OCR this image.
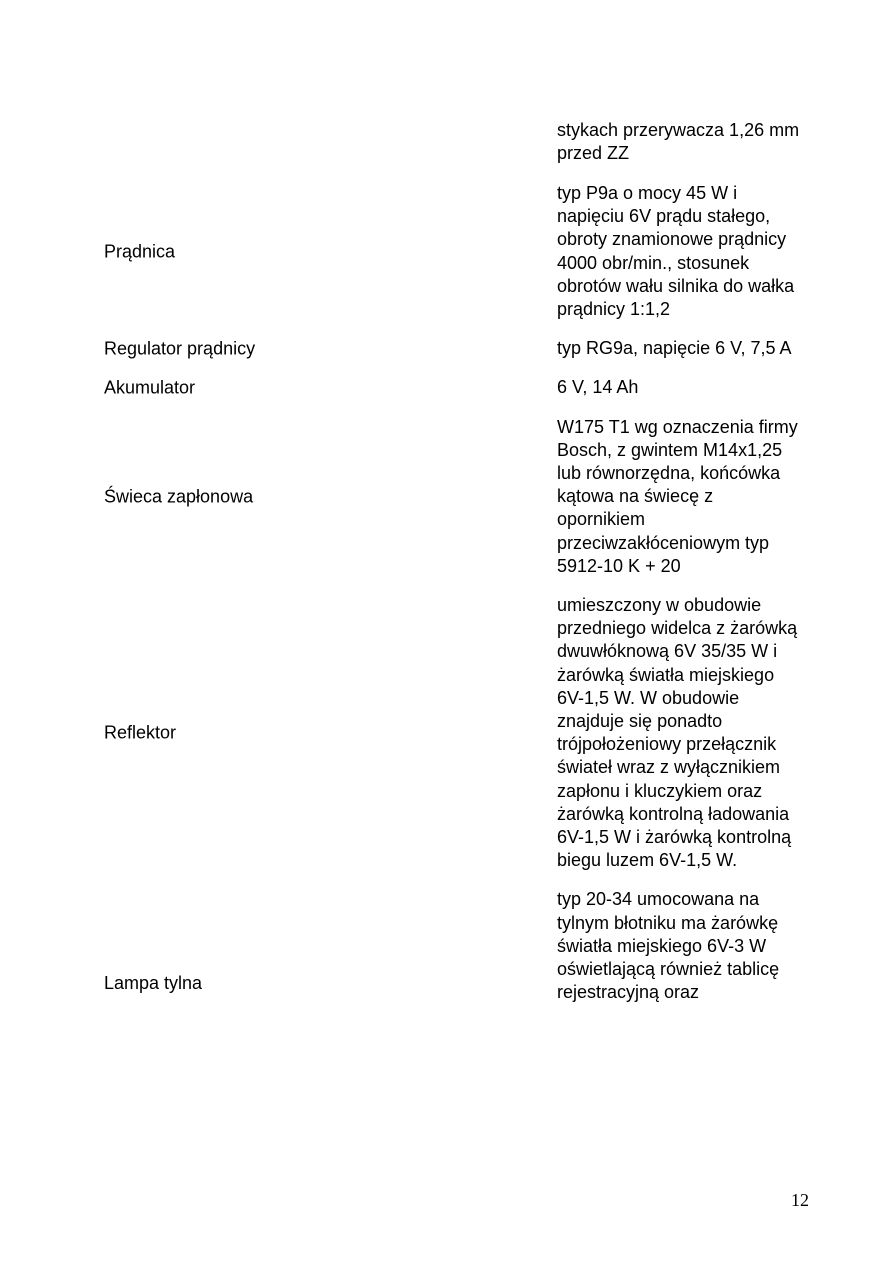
stykach przerywacza 1,26 mm przed ZZ
Prądnica
typ P9a o mocy 45 W i napięciu 6V prądu stałego, obroty znamionowe prądnicy 4000 obr/min., stosunek obrotów wału silnika do wałka prądnicy 1:1,2
Regulator prądnicy	typ RG9a, napięcie 6 V, 7,5 A
Akumulator	6 V, 14 Ah
Świeca zapłonowa
W175 T1 wg oznaczenia firmy Bosch, z gwintem M14x1,25 lub równorzędna, końcówka kątowa na świecę z opornikiem przeciwzakłóceniowym typ 5912-10 K + 20
Reflektor
umieszczony w obudowie przedniego widelca z żarówką dwuwłóknową 6V 35/35 W i żarówką światła miejskiego 6V-1,5 W. W obudowie znajduje się ponadto trójpołożeniowy przełącznik świateł wraz z wyłącznikiem zapłonu i kluczykiem oraz żarówką kontrolną ładowania 6V-1,5 W i żarówką kontrolną biegu luzem 6V-1,5 W.
Lampa tylna
typ 20-34 umocowana na tylnym błotniku ma żarówkę światła miejskiego 6V-3 W oświetlającą również tablicę rejestracyjną oraz
12
